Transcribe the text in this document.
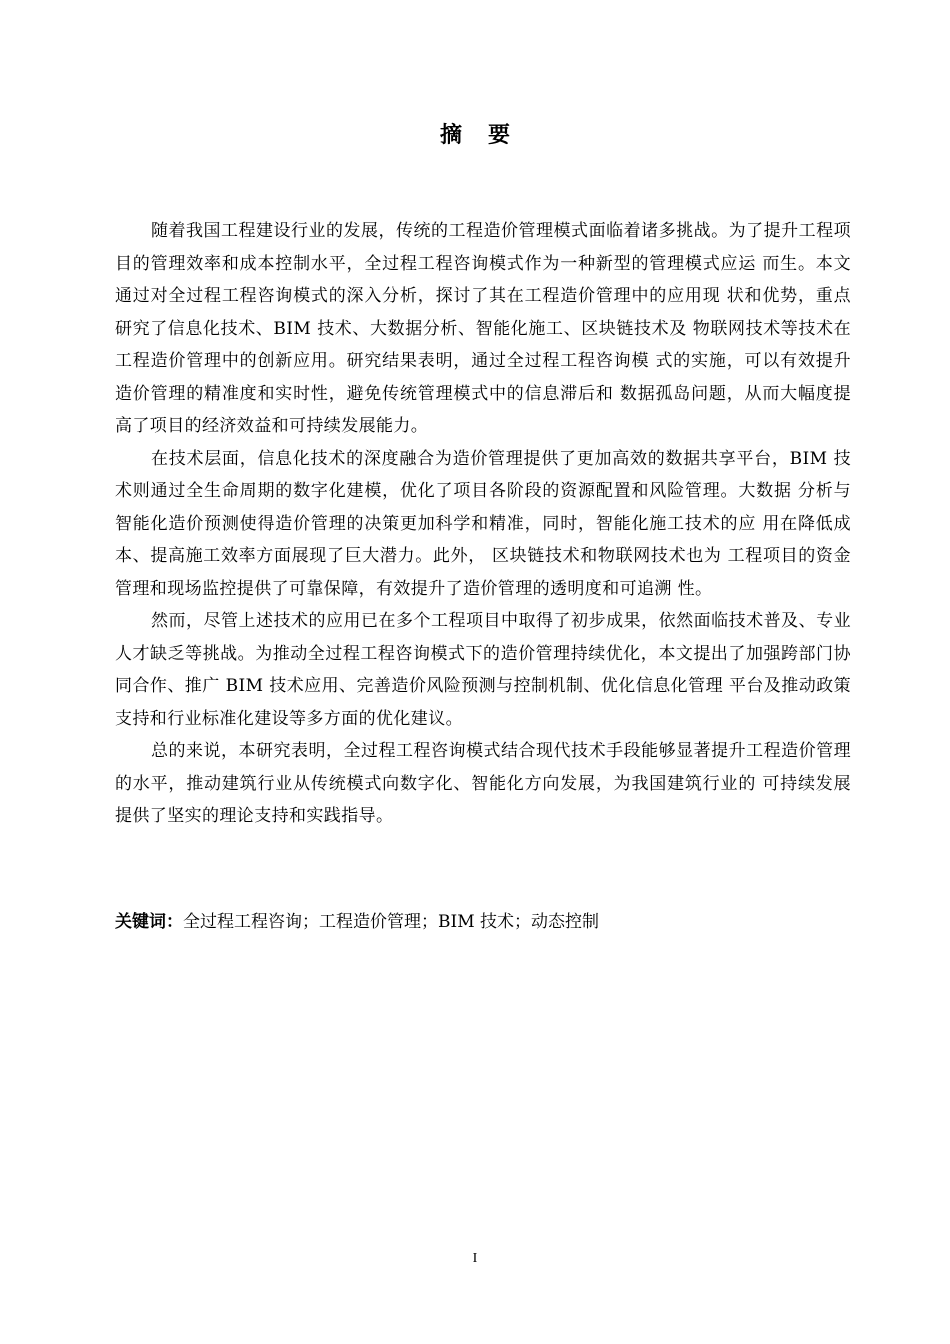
摘 要

随着我国工程建设行业的发展，传统的工程造价管理模式面临着诸多挑战。为了提升工程项目的管理效率和成本控制水平，全过程工程咨询模式作为一种新型的管理模式应运 而生。本文通过对全过程工程咨询模式的深入分析，探讨了其在工程造价管理中的应用现 状和优势，重点研究了信息化技术、BIM 技术、大数据分析、智能化施工、区块链技术及 物联网技术等技术在工程造价管理中的创新应用。研究结果表明，通过全过程工程咨询模 式的实施，可以有效提升造价管理的精准度和实时性，避免传统管理模式中的信息滞后和 数据孤岛问题，从而大幅度提高了项目的经济效益和可持续发展能力。

在技术层面，信息化技术的深度融合为造价管理提供了更加高效的数据共享平台，BIM 技术则通过全生命周期的数字化建模，优化了项目各阶段的资源配置和风险管理。大数据 分析与智能化造价预测使得造价管理的决策更加科学和精准，同时，智能化施工技术的应 用在降低成本、提高施工效率方面展现了巨大潜力。此外， 区块链技术和物联网技术也为 工程项目的资金管理和现场监控提供了可靠保障，有效提升了造价管理的透明度和可追溯 性。

然而，尽管上述技术的应用已在多个工程项目中取得了初步成果，依然面临技术普及、专业人才缺乏等挑战。为推动全过程工程咨询模式下的造价管理持续优化，本文提出了加强跨部门协同合作、推广 BIM 技术应用、完善造价风险预测与控制机制、优化信息化管理 平台及推动政策支持和行业标准化建设等多方面的优化建议。

总的来说，本研究表明，全过程工程咨询模式结合现代技术手段能够显著提升工程造价管理的水平，推动建筑行业从传统模式向数字化、智能化方向发展，为我国建筑行业的 可持续发展提供了坚实的理论支持和实践指导。

关键词：全过程工程咨询；工程造价管理；BIM 技术；动态控制
I
